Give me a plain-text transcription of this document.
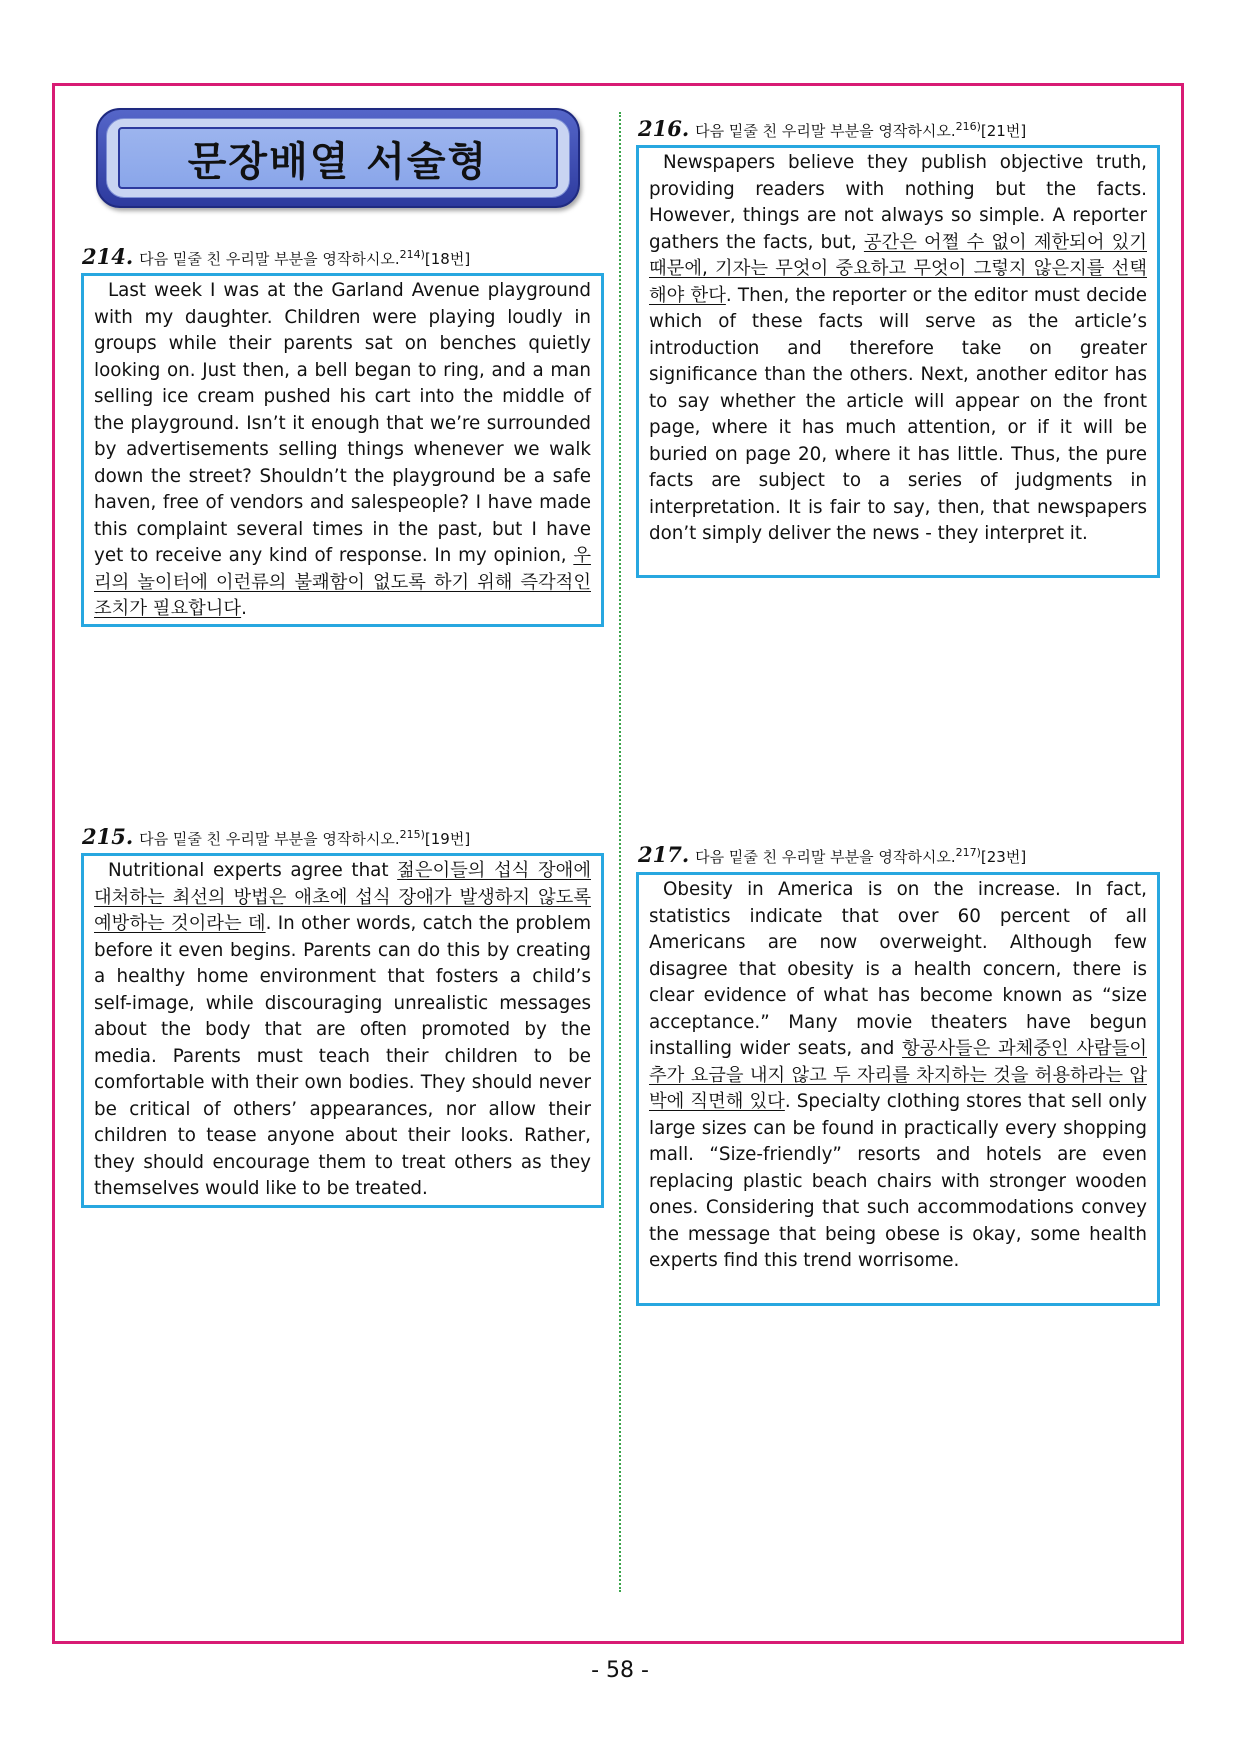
문장배열 서술형
214. 다음 밑줄 친 우리말 부분을 영작하시오.$^{214)}$[18번]

Last week I was at the Garland Avenue playground with my daughter. Children were playing loudly in groups while their parents sat on benches quietly looking on. Just then, a bell began to ring, and a man selling ice cream pushed his cart into the middle of the playground. Isn’t it enough that we’re surrounded by advertisements selling things whenever we walk down the street? Shouldn’t the playground be a safe haven, free of vendors and salespeople? I have made this complaint several times in the past, but I have yet to receive any kind of response. In my opinion, 우리의 놀이터에 이런류의 불쾌함이 없도록 하기 위해 즉각적인 조치가 필요합니다.

215. 다음 밑줄 친 우리말 부분을 영작하시오.$^{215)}$[19번]

Nutritional experts agree that 젊은이들의 섭식 장애에 대처하는 최선의 방법은 애초에 섭식 장애가 발생하지 않도록 예방하는 것이라는 데. In other words, catch the problem before it even begins. Parents can do this by creating a healthy home environment that fosters a child’s self-image, while discouraging unrealistic messages about the body that are often promoted by the media. Parents must teach their children to be comfortable with their own bodies. They should never be critical of others’ appearances, nor allow their children to tease anyone about their looks. Rather, they should encourage them to treat others as they themselves would like to be treated.

216. 다음 밑줄 친 우리말 부분을 영작하시오.$^{216)}$[21번]

Newspapers believe they publish objective truth, providing readers with nothing but the facts. However, things are not always so simple. A reporter gathers the facts, but, 공간은 어쩔 수 없이 제한되어 있기 때문에, 기자는 무엇이 중요하고 무엇이 그렇지 않은지를 선택해야 한다. Then, the reporter or the editor must decide which of these facts will serve as the article’s introduction and therefore take on greater significance than the others. Next, another editor has to say whether the article will appear on the front page, where it has much attention, or if it will be buried on page 20, where it has little. Thus, the pure facts are subject to a series of judgments in interpretation. It is fair to say, then, that newspapers don’t simply deliver the news - they interpret it.

217. 다음 밑줄 친 우리말 부분을 영작하시오.$^{217)}$[23번]

Obesity in America is on the increase. In fact, statistics indicate that over 60 percent of all Americans are now overweight. Although few disagree that obesity is a health concern, there is clear evidence of what has become known as “size acceptance.” Many movie theaters have begun installing wider seats, and 항공사들은 과체중인 사람들이 추가 요금을 내지 않고 두 자리를 차지하는 것을 허용하라는 압박에 직면해 있다. Specialty clothing stores that sell only large sizes can be found in practically every shopping mall. “Size-friendly” resorts and hotels are even replacing plastic beach chairs with stronger wooden ones. Considering that such accommodations convey the message that being obese is okay, some health experts find this trend worrisome.

- 58 -
